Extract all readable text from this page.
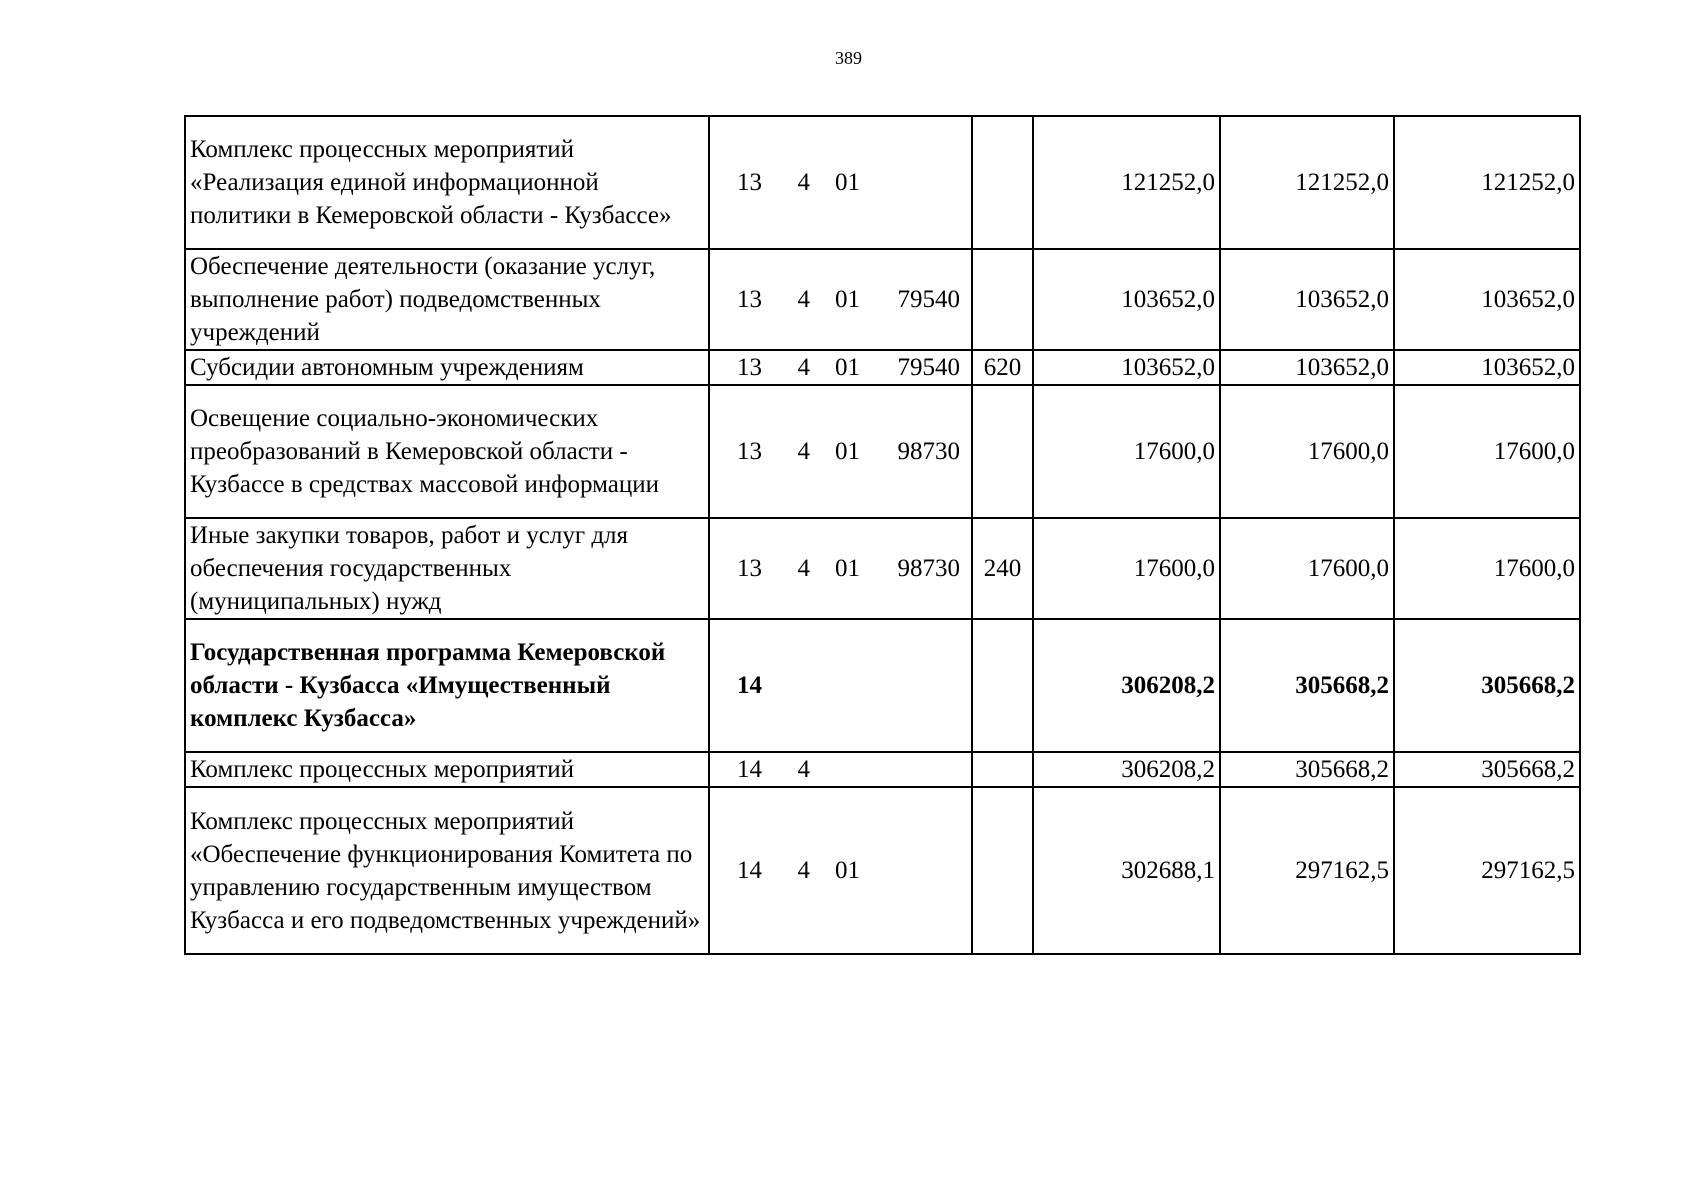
389
Комплекс процессных мероприятий «Реализация единой информационной политики в Кемеровской области - Кузбассе»	13 4 01		121252,0	121252,0	121252,0
Обеспечение деятельности (оказание услуг, выполнение работ) подведомственных учреждений	13 4 01 79540		103652,0	103652,0	103652,0
Субсидии автономным учреждениям	13 4 01 79540	620	103652,0	103652,0	103652,0
Освещение социально-экономических преобразований в Кемеровской области - Кузбассе в средствах массовой информации	13 4 01 98730		17600,0	17600,0	17600,0
Иные закупки товаров, работ и услуг для обеспечения государственных (муниципальных) нужд	13 4 01 98730	240	17600,0	17600,0	17600,0
Государственная программа Кемеровской области - Кузбасса «Имущественный комплекс Кузбасса»	14		306208,2	305668,2	305668,2
Комплекс процессных мероприятий	14 4		306208,2	305668,2	305668,2
Комплекс процессных мероприятий «Обеспечение функционирования Комитета по управлению государственным имуществом Кузбасса и его подведомственных учреждений»	14 4 01		302688,1	297162,5	297162,5
